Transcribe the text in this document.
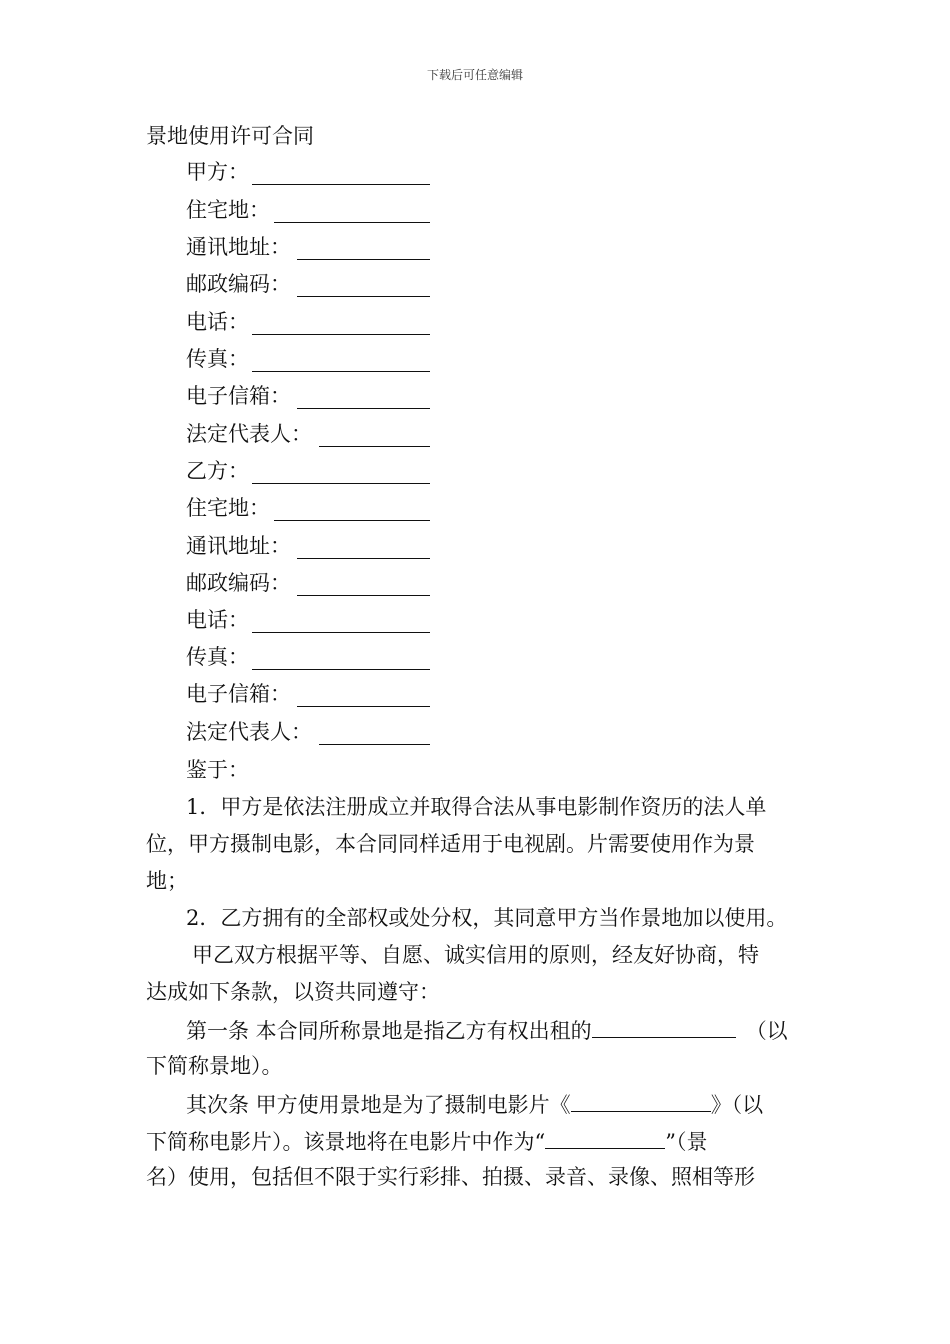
下载后可任意编辑
景地使用许可合同
甲方：
住宅地：
通讯地址：
邮政编码：
电话：
传真：
电子信箱：
法定代表人：
乙方：
住宅地：
通讯地址：
邮政编码：
电话：
传真：
电子信箱：
法定代表人：
鉴于：
1．甲方是依法注册成立并取得合法从事电影制作资历的法人单
位，甲方摄制电影，本合同同样适用于电视剧。片需要使用作为景
地；
2．乙方拥有的全部权或处分权，其同意甲方当作景地加以使用。
甲乙双方根据平等、自愿、诚实信用的原则，经友好协商，特
达成如下条款，以资共同遵守：
第一条 本合同所称景地是指乙方有权出租的	（以
下简称景地）。
其次条 甲方使用景地是为了摄制电影片《	》（以
下简称电影片）。该景地将在电影片中作为“	”（景
名）使用，包括但不限于实行彩排、拍摄、录音、录像、照相等形
